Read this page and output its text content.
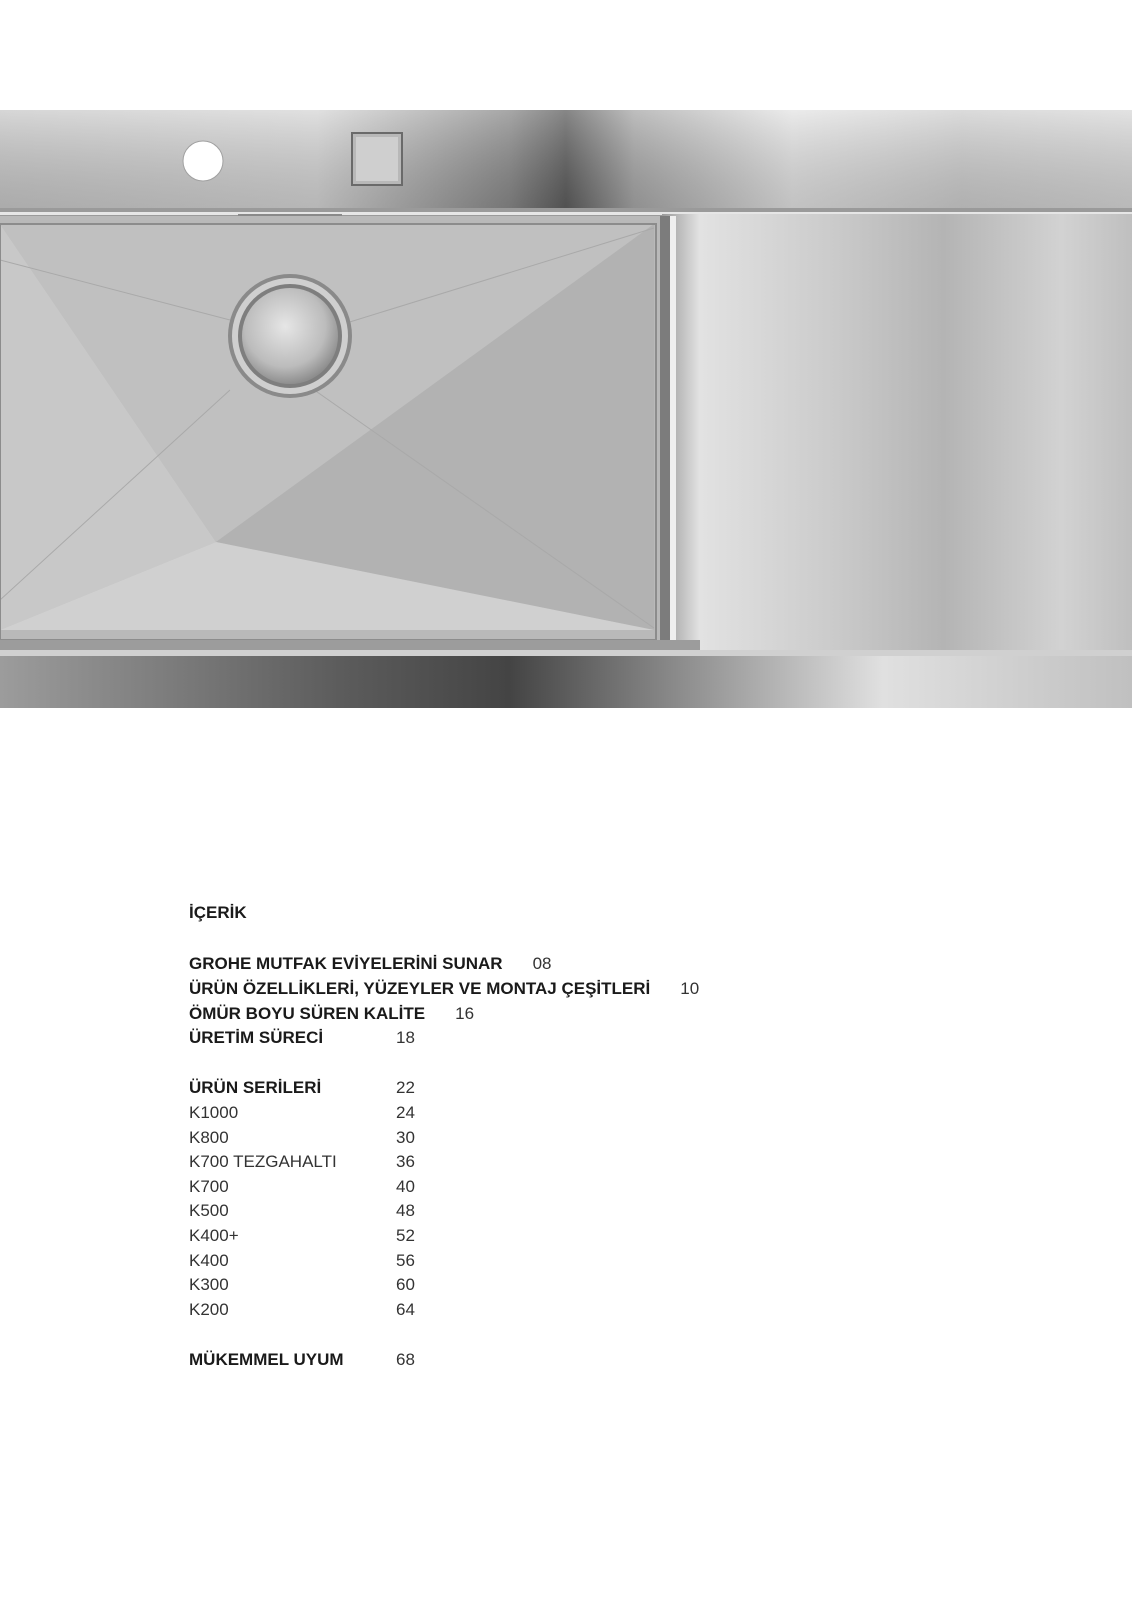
İÇERİK
GROHE MUTFAK EVİYELERİNİ SUNAR 08
ÜRÜN ÖZELLİKLERİ, YÜZEYLER VE MONTAJ ÇEŞİTLERİ 10
ÖMÜR BOYU SÜREN KALİTE 16
ÜRETİM SÜRECİ	18
ÜRÜN SERİLERİ	22
K1000	24
K800	30
K700 TEZGAHALTI	36
K700	40
K500	48
K400+	52
K400	56
K300	60
K200	64
MÜKEMMEL UYUM	68
